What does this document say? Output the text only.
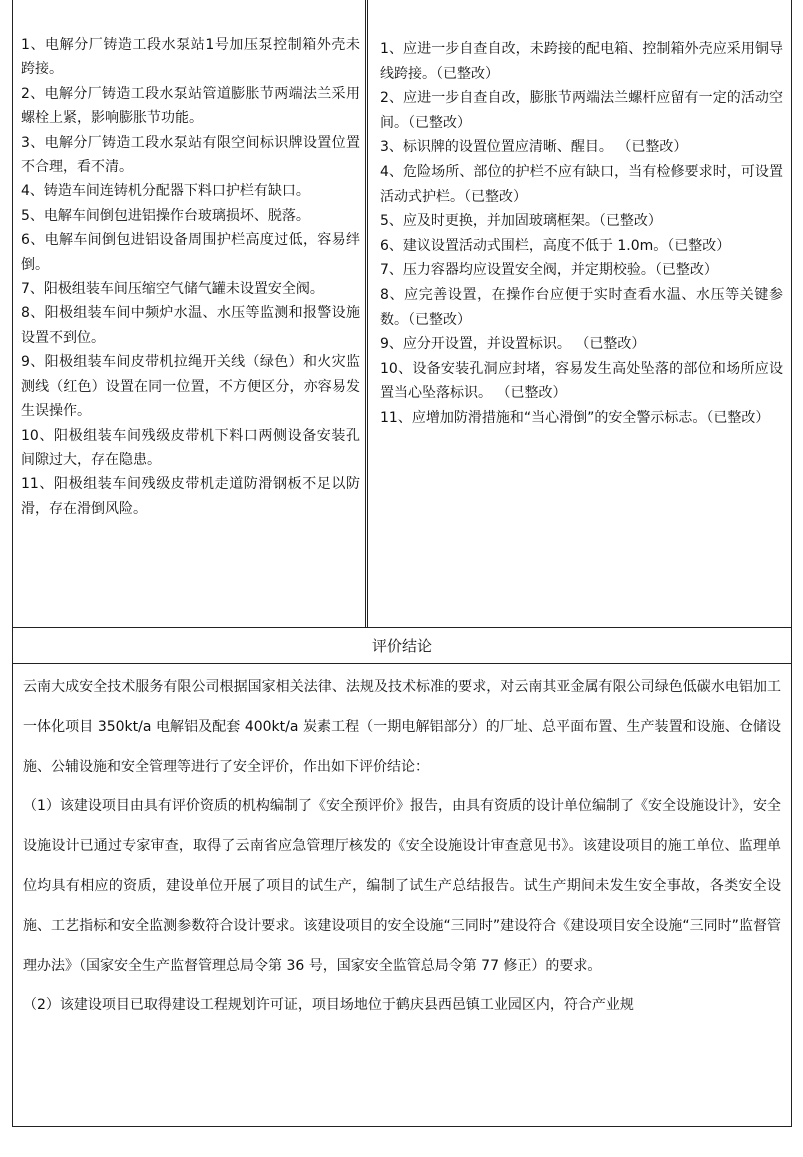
1、电解分厂铸造工段水泵站1号加压泵控制箱外壳未跨接。

2、电解分厂铸造工段水泵站管道膨胀节两端法兰采用螺栓上紧，影响膨胀节功能。

3、电解分厂铸造工段水泵站有限空间标识牌设置位置不合理，看不清。

4、铸造车间连铸机分配器下料口护栏有缺口。

5、电解车间倒包进铝操作台玻璃损坏、脱落。

6、电解车间倒包进铝设备周围护栏高度过低，容易绊倒。

7、阳极组装车间压缩空气储气罐未设置安全阀。

8、阳极组装车间中频炉水温、水压等监测和报警设施设置不到位。

9、阳极组装车间皮带机拉绳开关线（绿色）和火灾监测线（红色）设置在同一位置，不方便区分，亦容易发生误操作。

10、阳极组装车间残级皮带机下料口两侧设备安装孔间隙过大，存在隐患。

11、阳极组装车间残级皮带机走道防滑钢板不足以防滑，存在滑倒风险。

1、应进一步自查自改，未跨接的配电箱、控制箱外壳应采用铜导线跨接。（已整改）

2、应进一步自查自改，膨胀节两端法兰螺杆应留有一定的活动空间。（已整改）

3、标识牌的设置位置应清晰、醒目。 （已整改）

4、危险场所、部位的护栏不应有缺口，当有检修要求时，可设置活动式护栏。（已整改）

5、应及时更换，并加固玻璃框架。（已整改）

6、建议设置活动式围栏，高度不低于 1.0m。（已整改）

7、压力容器均应设置安全阀，并定期校验。（已整改）

8、应完善设置，在操作台应便于实时查看水温、水压等关键参数。（已整改）

9、应分开设置，并设置标识。 （已整改）

10、设备安装孔洞应封堵，容易发生高处坠落的部位和场所应设置当心坠落标识。 （已整改）

11、应增加防滑措施和“当心滑倒”的安全警示标志。（已整改）

评价结论

云南大成安全技术服务有限公司根据国家相关法律、法规及技术标准的要求，对云南其亚金属有限公司绿色低碳水电铝加工一体化项目 350kt/a 电解铝及配套 400kt/a 炭素工程（一期电解铝部分）的厂址、总平面布置、生产装置和设施、仓储设施、公辅设施和安全管理等进行了安全评价，作出如下评价结论：

（1）该建设项目由具有评价资质的机构编制了《安全预评价》报告，由具有资质的设计单位编制了《安全设施设计》，安全设施设计已通过专家审查，取得了云南省应急管理厅核发的《安全设施设计审查意见书》。该建设项目的施工单位、监理单位均具有相应的资质，建设单位开展了项目的试生产，编制了试生产总结报告。试生产期间未发生安全事故，各类安全设施、工艺指标和安全监测参数符合设计要求。该建设项目的安全设施“三同时”建设符合《建设项目安全设施“三同时”监督管理办法》（国家安全生产监督管理总局令第 36 号，国家安全监管总局令第 77 修正）的要求。

（2）该建设项目已取得建设工程规划许可证，项目场地位于鹤庆县西邑镇工业园区内，符合产业规
